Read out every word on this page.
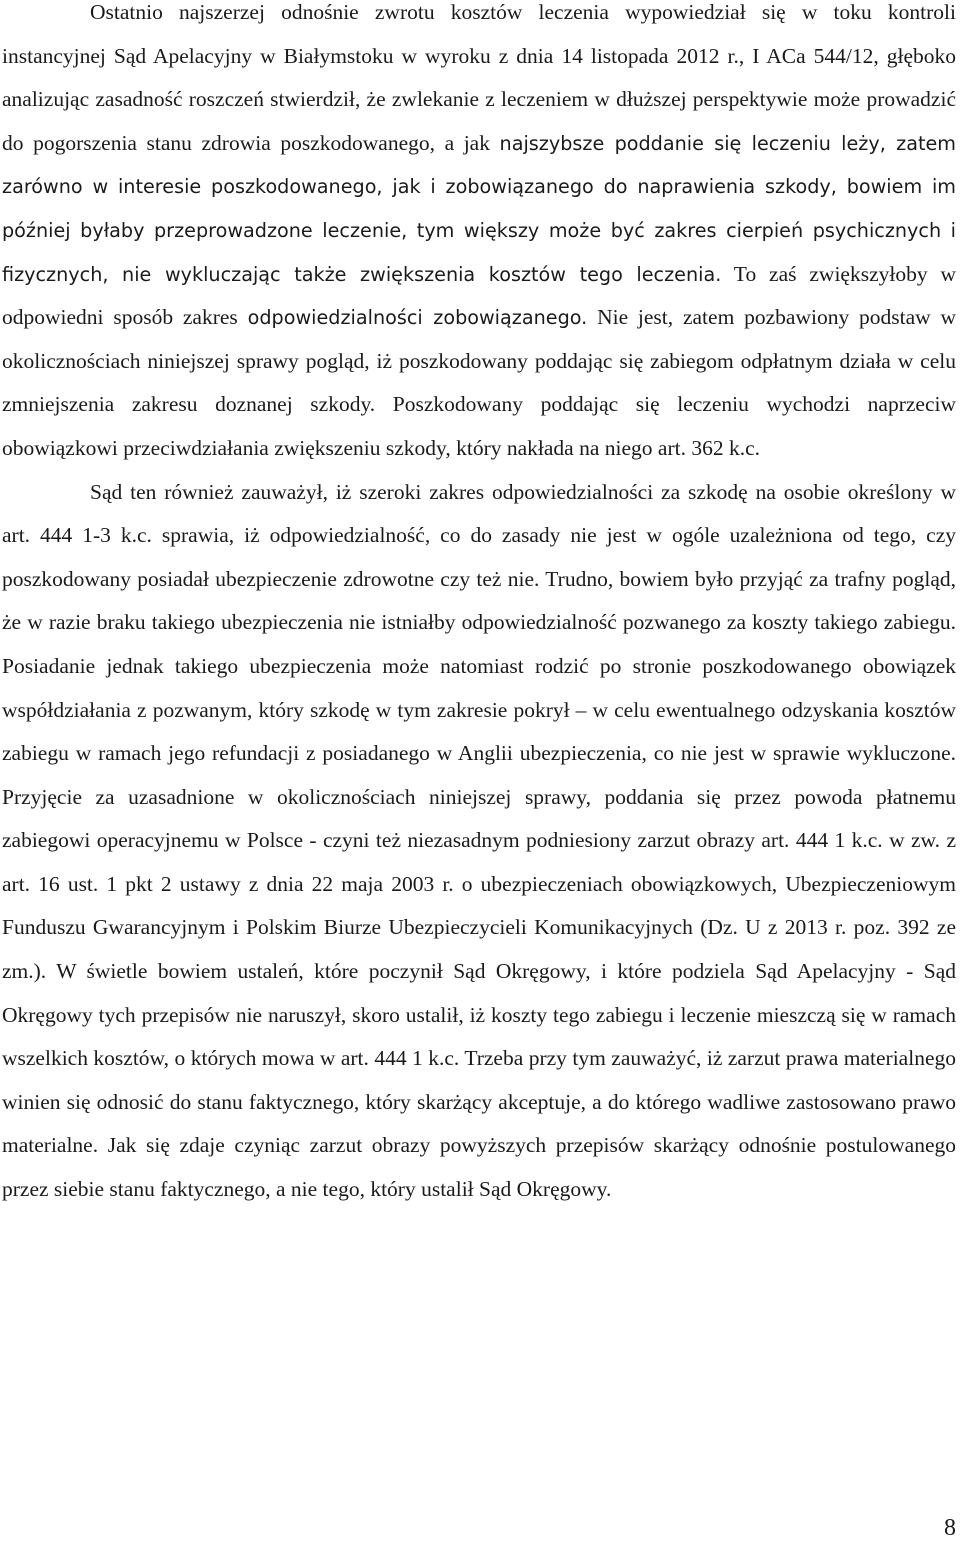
Ostatnio najszerzej odnośnie zwrotu kosztów leczenia wypowiedział się w toku kontroli instancyjnej Sąd Apelacyjny w Białymstoku w wyroku z dnia 14 listopada 2012 r., I ACa 544/12, głęboko analizując zasadność roszczeń stwierdził, że zwlekanie z leczeniem w dłuższej perspektywie może prowadzić do pogorszenia stanu zdrowia poszkodowanego, a jak najszybsze poddanie się leczeniu leży, zatem zarówno w interesie poszkodowanego, jak i zobowiązanego do naprawienia szkody, bowiem im później byłaby przeprowadzone leczenie, tym większy może być zakres cierpień psychicznych i fizycznych, nie wykluczając także zwiększenia kosztów tego leczenia. To zaś zwiększyłoby w odpowiedni sposób zakres odpowiedzialności zobowiązanego. Nie jest, zatem pozbawiony podstaw w okolicznościach niniejszej sprawy pogląd, iż poszkodowany poddając się zabiegom odpłatnym działa w celu zmniejszenia zakresu doznanej szkody. Poszkodowany poddając się leczeniu wychodzi naprzeciw obowiązkowi przeciwdziałania zwiększeniu szkody, który nakłada na niego art. 362 k.c.

Sąd ten również zauważył, iż szeroki zakres odpowiedzialności za szkodę na osobie określony w art. 444 1-3 k.c. sprawia, iż odpowiedzialność, co do zasady nie jest w ogóle uzależniona od tego, czy poszkodowany posiadał ubezpieczenie zdrowotne czy też nie. Trudno, bowiem było przyjąć za trafny pogląd, że w razie braku takiego ubezpieczenia nie istniałby odpowiedzialność pozwanego za koszty takiego zabiegu. Posiadanie jednak takiego ubezpieczenia może natomiast rodzić po stronie poszkodowanego obowiązek współdziałania z pozwanym, który szkodę w tym zakresie pokrył – w celu ewentualnego odzyskania kosztów zabiegu w ramach jego refundacji z posiadanego w Anglii ubezpieczenia, co nie jest w sprawie wykluczone. Przyjęcie za uzasadnione w okolicznościach niniejszej sprawy, poddania się przez powoda płatnemu zabiegowi operacyjnemu w Polsce - czyni też niezasadnym podniesiony zarzut obrazy art. 444 1 k.c. w zw. z art. 16 ust. 1 pkt 2 ustawy z dnia 22 maja 2003 r. o ubezpieczeniach obowiązkowych, Ubezpieczeniowym Funduszu Gwarancyjnym i Polskim Biurze Ubezpieczycieli Komunikacyjnych (Dz. U z 2013 r. poz. 392 ze zm.). W świetle bowiem ustaleń, które poczynił Sąd Okręgowy, i które podziela Sąd Apelacyjny - Sąd Okręgowy tych przepisów nie naruszył, skoro ustalił, iż koszty tego zabiegu i leczenie mieszczą się w ramach wszelkich kosztów, o których mowa w art. 444 1 k.c. Trzeba przy tym zauważyć, iż zarzut prawa materialnego winien się odnosić do stanu faktycznego, który skarżący akceptuje, a do którego wadliwe zastosowano prawo materialne. Jak się zdaje czyniąc zarzut obrazy powyższych przepisów skarżący odnośnie postulowanego przez siebie stanu faktycznego, a nie tego, który ustalił Sąd Okręgowy.

8
